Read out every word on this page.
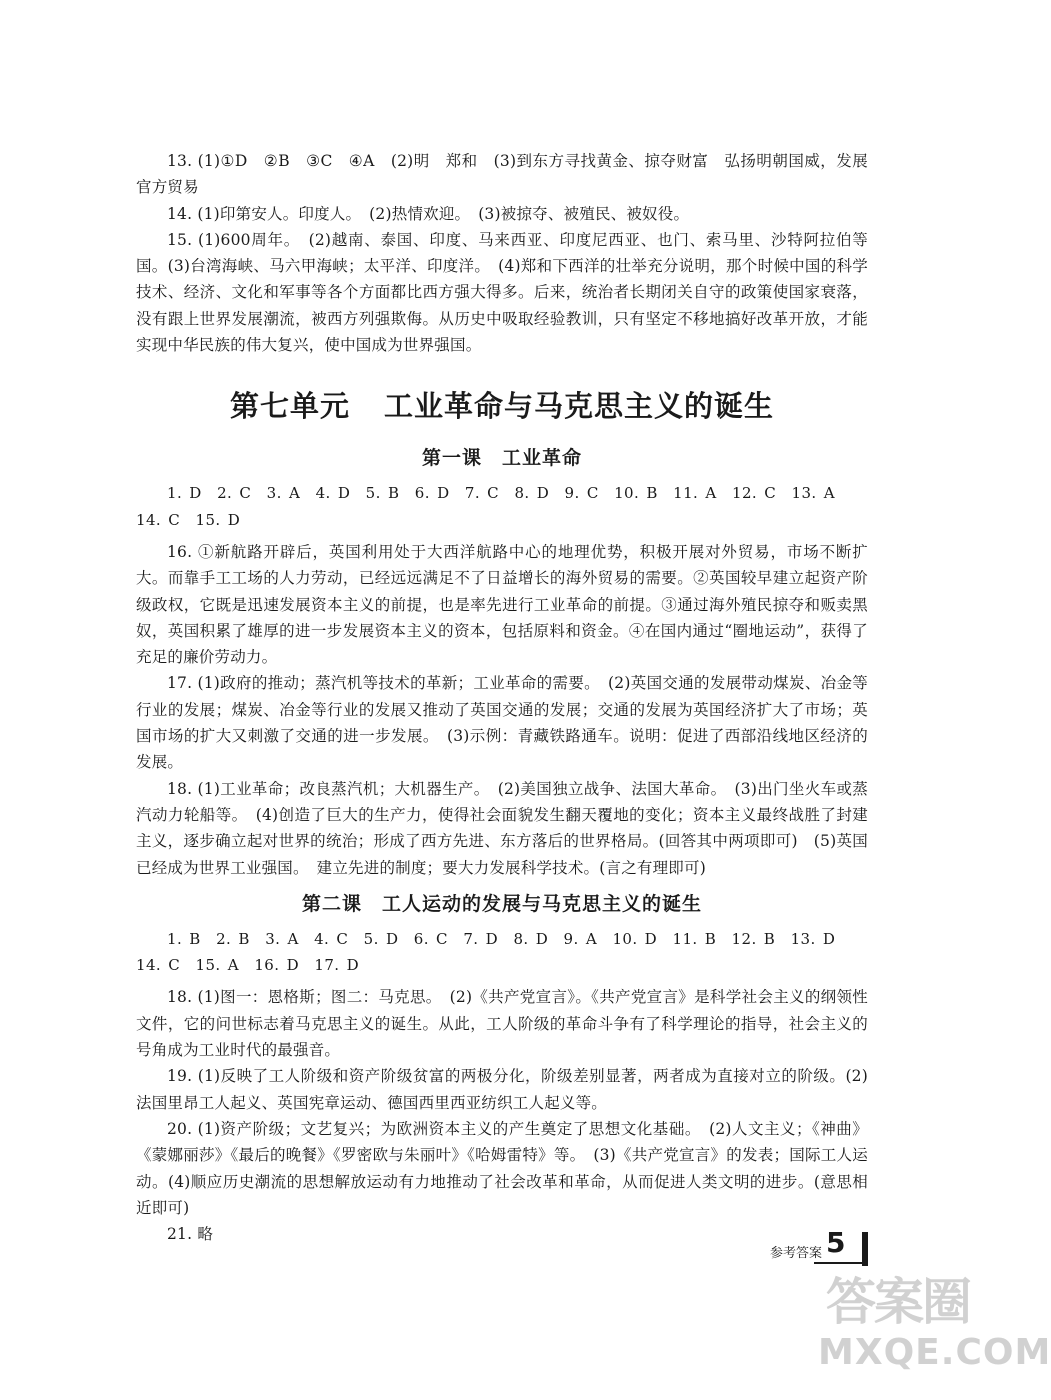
13. (1)①D　②B　③C　④A　(2)明　郑和　(3)到东方寻找黄金、掠夺财富　弘扬明朝国威，发展官方贸易

14. (1)印第安人。印度人。　(2)热情欢迎。　(3)被掠夺、被殖民、被奴役。

15. (1)600周年。　(2)越南、泰国、印度、马来西亚、印度尼西亚、也门、索马里、沙特阿拉伯等国。(3)台湾海峡、马六甲海峡；太平洋、印度洋。　(4)郑和下西洋的壮举充分说明，那个时候中国的科学技术、经济、文化和军事等各个方面都比西方强大得多。后来，统治者长期闭关自守的政策使国家衰落，没有跟上世界发展潮流，被西方列强欺侮。从历史中吸取经验教训，只有坚定不移地搞好改革开放，才能实现中华民族的伟大复兴，使中国成为世界强国。

第七单元 工业革命与马克思主义的诞生
第一课 工业革命

1. D　2. C　3. A　4. D　5. B　6. D　7. C　8. D　9. C　10. B　11. A　12. C　13. A　14. C　15. D

16. ①新航路开辟后，英国利用处于大西洋航路中心的地理优势，积极开展对外贸易，市场不断扩大。而靠手工工场的人力劳动，已经远远满足不了日益增长的海外贸易的需要。②英国较早建立起资产阶级政权，它既是迅速发展资本主义的前提，也是率先进行工业革命的前提。③通过海外殖民掠夺和贩卖黑奴，英国积累了雄厚的进一步发展资本主义的资本，包括原料和资金。④在国内通过“圈地运动”，获得了充足的廉价劳动力。

17. (1)政府的推动；蒸汽机等技术的革新；工业革命的需要。　(2)英国交通的发展带动煤炭、冶金等行业的发展；煤炭、冶金等行业的发展又推动了英国交通的发展；交通的发展为英国经济扩大了市场；英国市场的扩大又刺激了交通的进一步发展。　(3)示例：青藏铁路通车。说明：促进了西部沿线地区经济的发展。

18. (1)工业革命；改良蒸汽机；大机器生产。　(2)美国独立战争、法国大革命。　(3)出门坐火车或蒸汽动力轮船等。　(4)创造了巨大的生产力，使得社会面貌发生翻天覆地的变化；资本主义最终战胜了封建主义，逐步确立起对世界的统治；形成了西方先进、东方落后的世界格局。(回答其中两项即可)　(5)英国已经成为世界工业强国。　建立先进的制度；要大力发展科学技术。(言之有理即可)

第二课 工人运动的发展与马克思主义的诞生

1. B　2. B　3. A　4. C　5. D　6. C　7. D　8. D　9. A　10. D　11. B　12. B　13. D　14. C　15. A　16. D　17. D

18. (1)图一：恩格斯；图二：马克思。　(2)《共产党宣言》。《共产党宣言》是科学社会主义的纲领性文件，它的问世标志着马克思主义的诞生。从此，工人阶级的革命斗争有了科学理论的指导，社会主义的号角成为工业时代的最强音。

19. (1)反映了工人阶级和资产阶级贫富的两极分化，阶级差别显著，两者成为直接对立的阶级。(2)法国里昂工人起义、英国宪章运动、德国西里西亚纺织工人起义等。

20. (1)资产阶级；文艺复兴；为欧洲资本主义的产生奠定了思想文化基础。　(2)人文主义；《神曲》《蒙娜丽莎》《最后的晚餐》《罗密欧与朱丽叶》《哈姆雷特》等。　(3)《共产党宣言》的发表；国际工人运动。(4)顺应历史潮流的思想解放运动有力地推动了社会改革和革命，从而促进人类文明的进步。(意思相近即可)

21. 略

参考答案 5
答案圈
MXQE.COM
